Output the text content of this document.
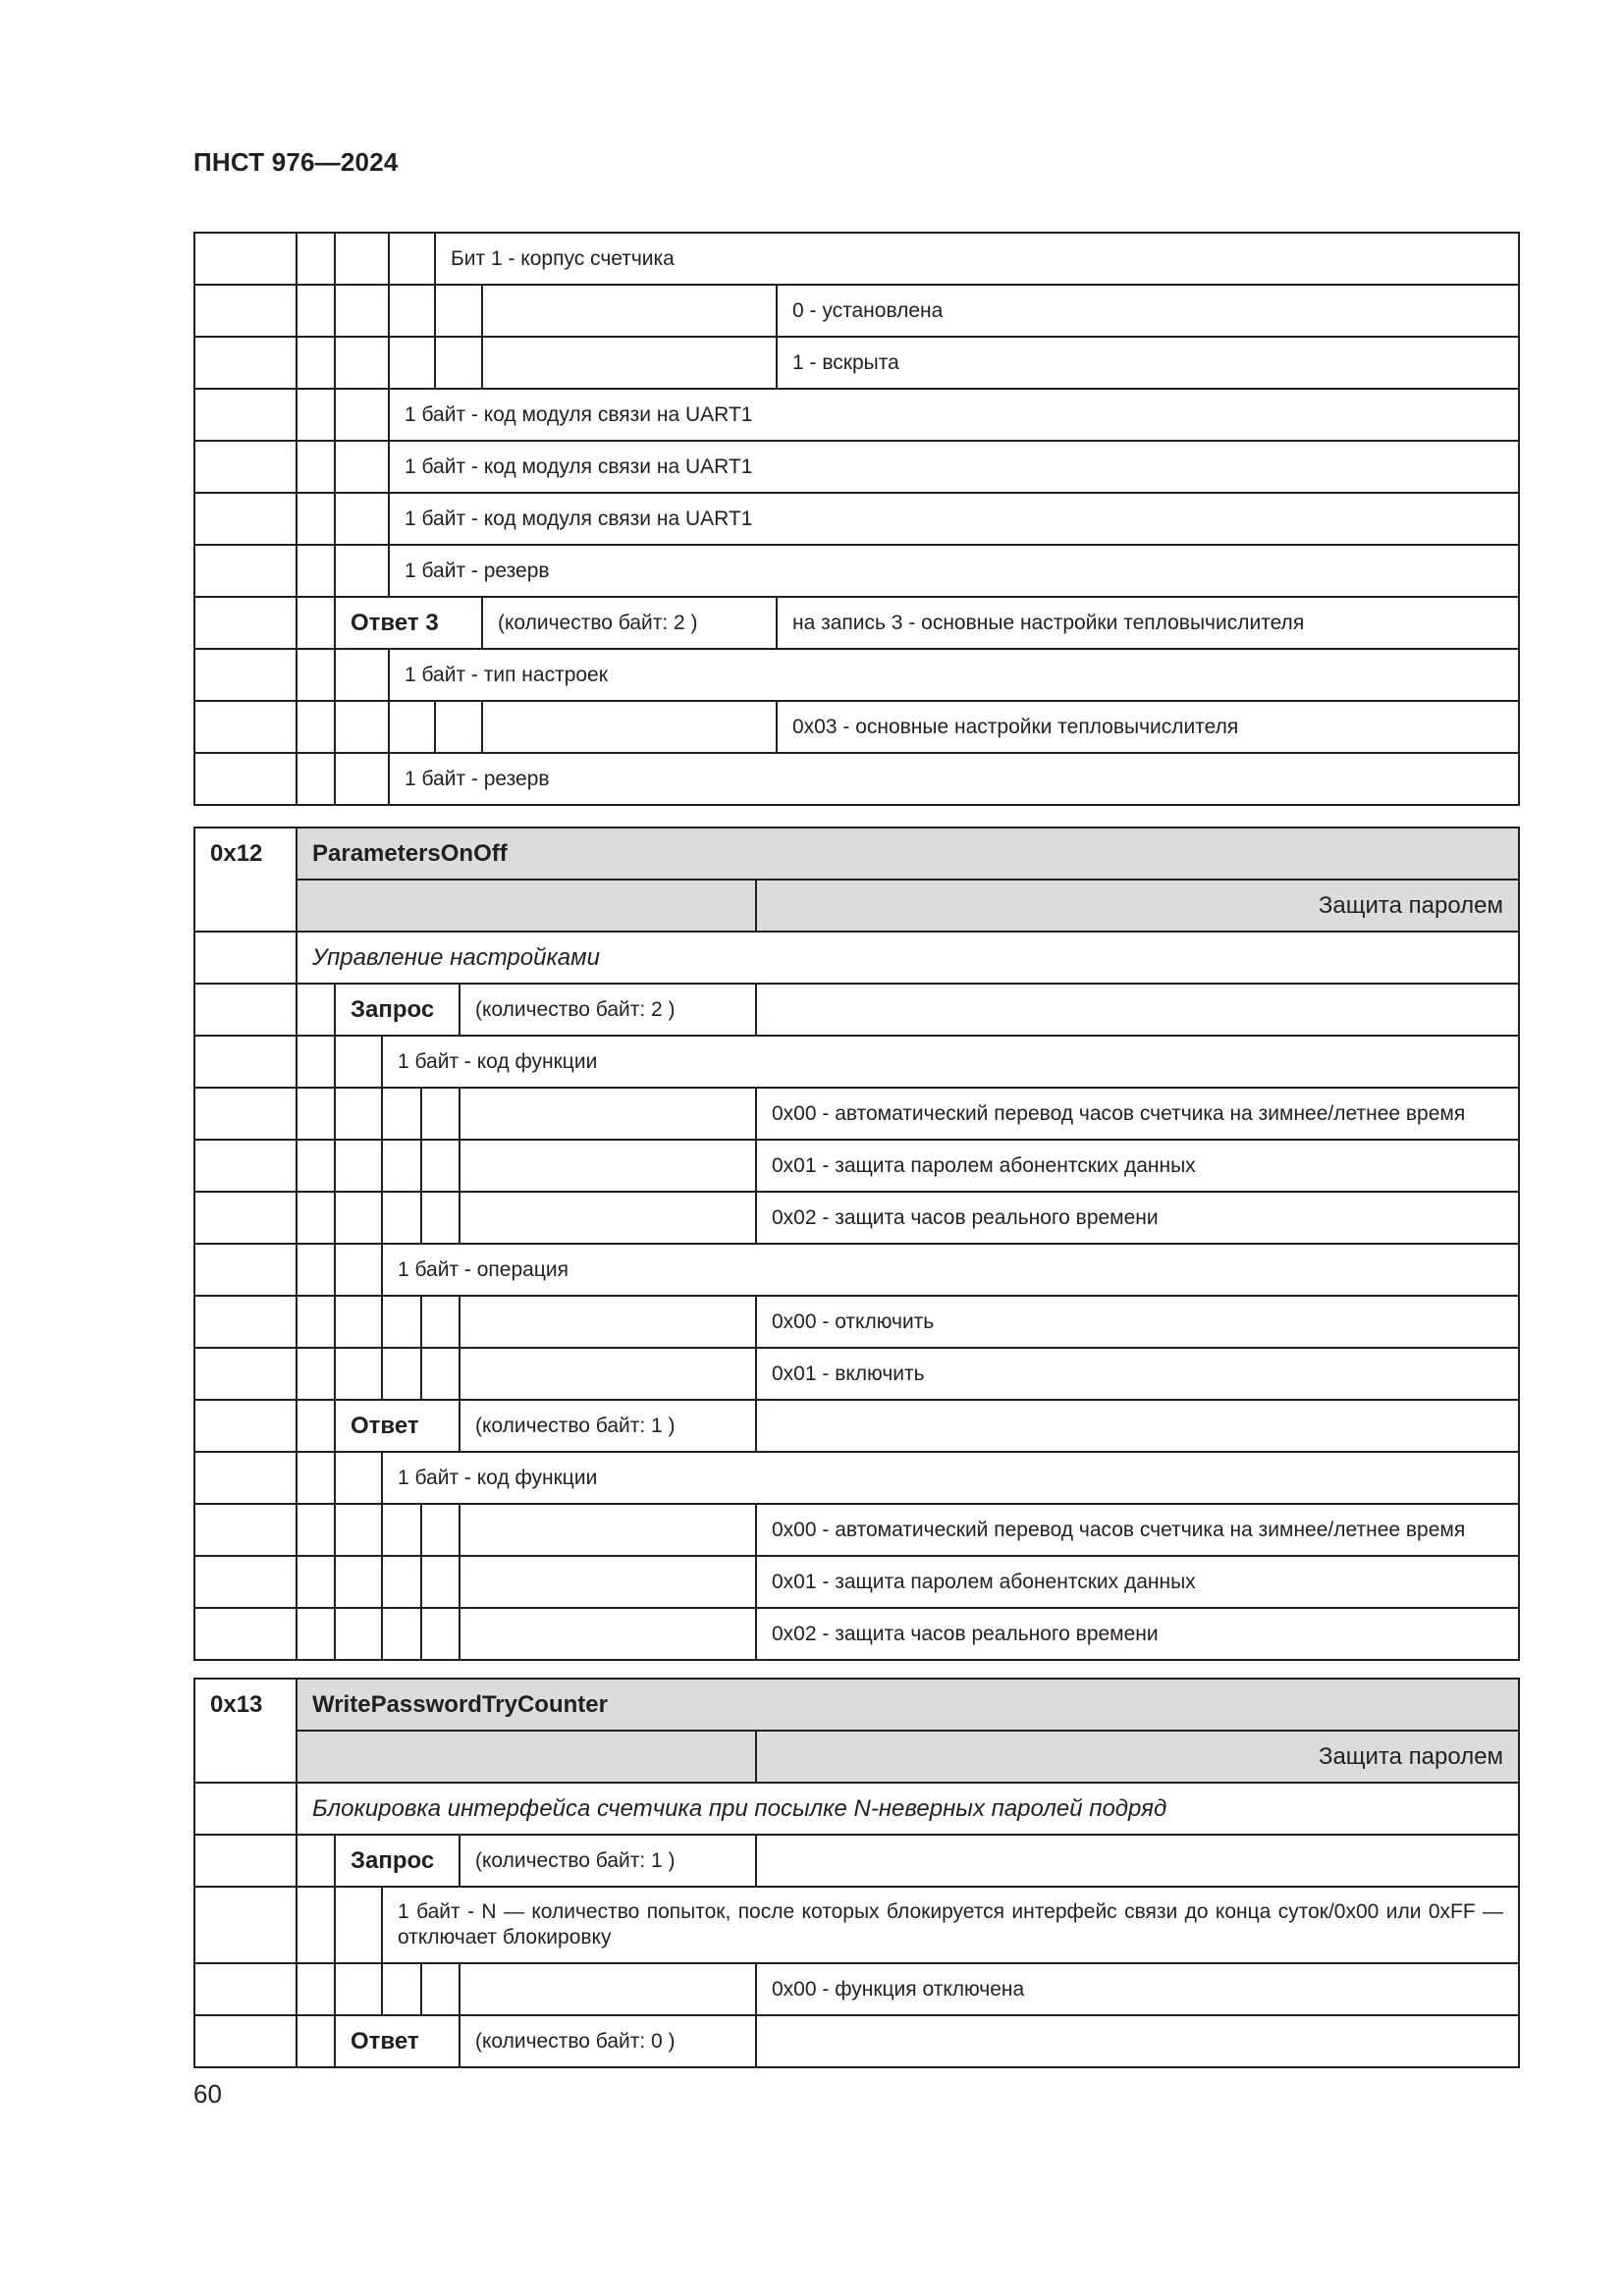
ПНСТ 976—2024
				Бит 1 - корпус счетчика		
						0 - установлена
						1 - вскрыта
			1 байт - код модуля связи на UART1			
			1 байт - код модуля связи на UART1			
			1 байт - код модуля связи на UART1			
			1 байт - резерв			
		Ответ 3			(количество байт: 2 )	на запись 3 - основные настройки тепловычислителя
			1 байт - тип настроек			
						0x03 - основные настройки тепловычислителя
			1 байт - резерв			
0x12	ParametersOnOff					
						Защита паролем
	Управление настройками					
		Запрос			(количество байт: 2 )	
			1 байт - код функции			
						0x00 - автоматический перевод часов счетчика на зимнее/летнее время
						0x01 - защита паролем абонентских данных
						0x02 - защита часов реального времени
			1 байт - операция			
						0x00 - отключить
						0x01 - включить
		Ответ			(количество байт: 1 )	
			1 байт - код функции			
						0x00 - автоматический перевод часов счетчика на зимнее/летнее время
						0x01 - защита паролем абонентских данных
						0x02 - защита часов реального времени
0x13	WritePasswordTryCounter					
						Защита паролем
	Блокировка интерфейса счетчика при посылке N-неверных паролей подряд					
		Запрос			(количество байт: 1 )	
			1 байт - N — количество попыток, после которых блокируется интерфейс связи до конца суток/0x00 или 0xFF — отключает блокировку			
						0x00 - функция отключена
		Ответ			(количество байт: 0 )	
60
